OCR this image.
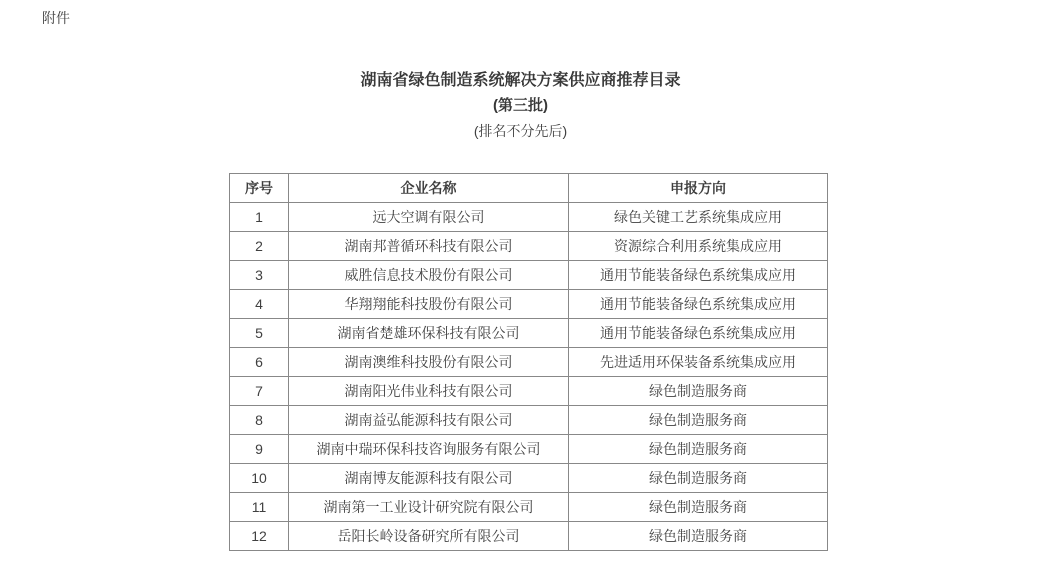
附件
湖南省绿色制造系统解决方案供应商推荐目录
(第三批)
(排名不分先后)
序号	企业名称	申报方向
1	远大空调有限公司	绿色关键工艺系统集成应用
2	湖南邦普循环科技有限公司	资源综合利用系统集成应用
3	威胜信息技术股份有限公司	通用节能装备绿色系统集成应用
4	华翔翔能科技股份有限公司	通用节能装备绿色系统集成应用
5	湖南省楚雄环保科技有限公司	通用节能装备绿色系统集成应用
6	湖南澳维科技股份有限公司	先进适用环保装备系统集成应用
7	湖南阳光伟业科技有限公司	绿色制造服务商
8	湖南益弘能源科技有限公司	绿色制造服务商
9	湖南中瑞环保科技咨询服务有限公司	绿色制造服务商
10	湖南博友能源科技有限公司	绿色制造服务商
11	湖南第一工业设计研究院有限公司	绿色制造服务商
12	岳阳长岭设备研究所有限公司	绿色制造服务商
